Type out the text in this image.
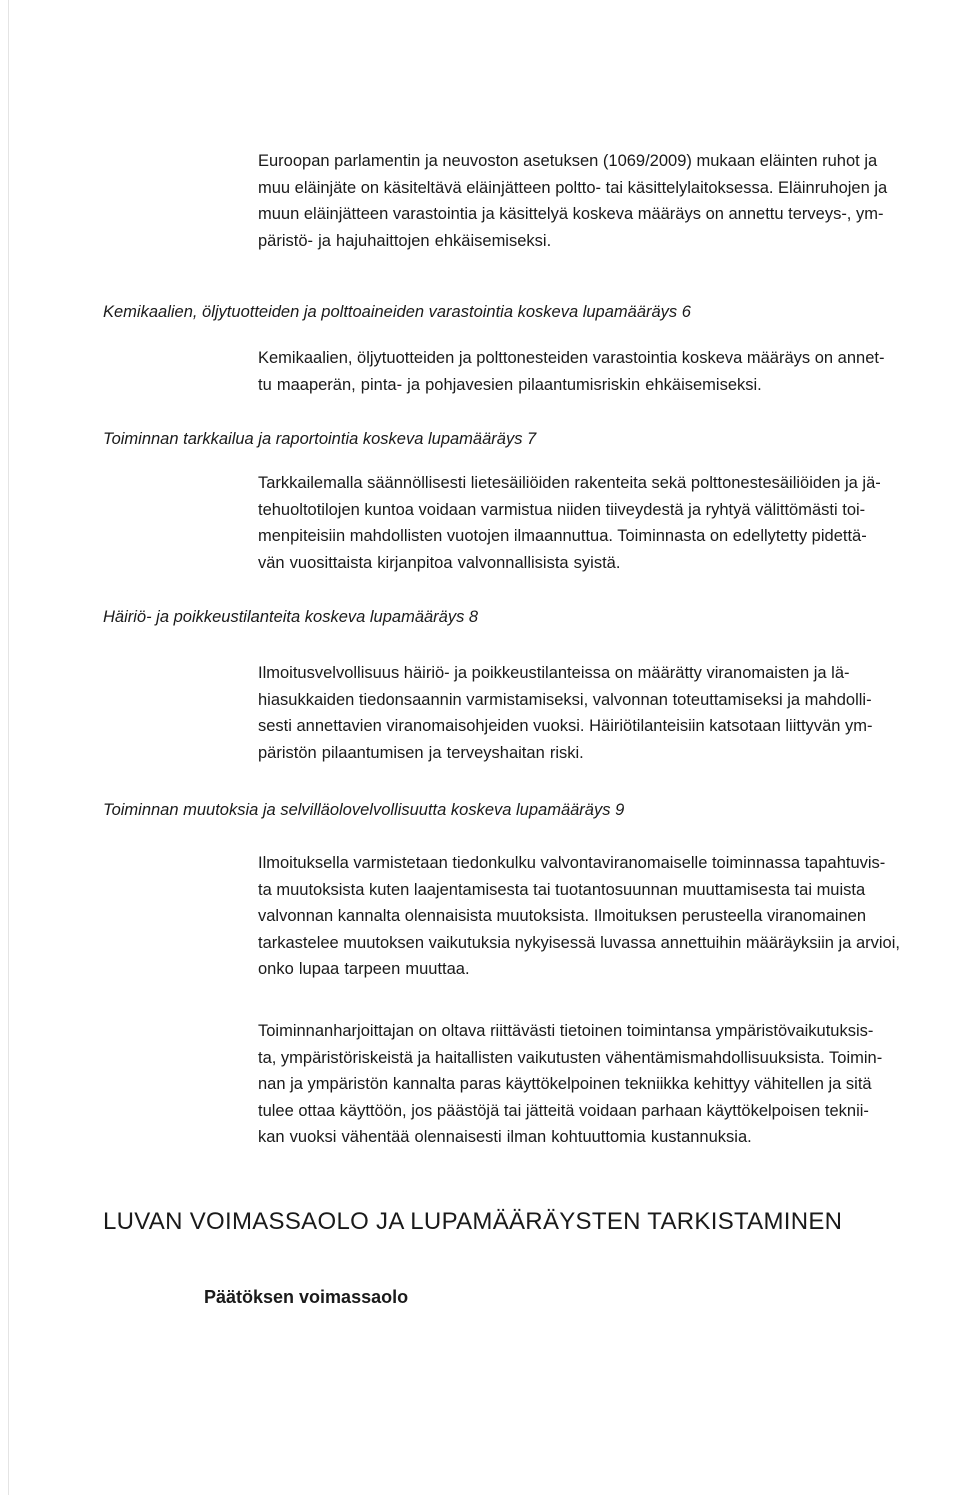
Euroopan parlamentin ja neuvoston asetuksen (1069/2009) mukaan eläinten ruhot ja
muu eläinjäte on käsiteltävä eläinjätteen poltto- tai käsittelylaitoksessa. Eläinruhojen ja
muun eläinjätteen varastointia ja käsittelyä koskeva määräys on annettu terveys-, ym-
päristö- ja hajuhaittojen ehkäisemiseksi.

Kemikaalien, öljytuotteiden ja polttoaineiden varastointia koskeva lupamääräys 6

Kemikaalien, öljytuotteiden ja polttonesteiden varastointia koskeva määräys on annet-
tu maaperän, pinta- ja pohjavesien pilaantumisriskin ehkäisemiseksi.

Toiminnan tarkkailua ja raportointia koskeva lupamääräys 7

Tarkkailemalla säännöllisesti lietesäiliöiden rakenteita sekä polttonestesäiliöiden ja jä-
tehuoltotilojen kuntoa voidaan varmistua niiden tiiveydestä ja ryhtyä välittömästi toi-
menpiteisiin mahdollisten vuotojen ilmaannuttua. Toiminnasta on edellytetty pidettä-
vän vuosittaista kirjanpitoa valvonnallisista syistä.

Häiriö- ja poikkeustilanteita koskeva lupamääräys 8

Ilmoitusvelvollisuus häiriö- ja poikkeustilanteissa on määrätty viranomaisten ja lä-
hiasukkaiden tiedonsaannin varmistamiseksi, valvonnan toteuttamiseksi ja mahdolli-
sesti annettavien viranomaisohjeiden vuoksi. Häiriötilanteisiin katsotaan liittyvän ym-
päristön pilaantumisen ja terveyshaitan riski.

Toiminnan muutoksia ja selvilläolovelvollisuutta koskeva lupamääräys 9

Ilmoituksella varmistetaan tiedonkulku valvontaviranomaiselle toiminnassa tapahtuvis-
ta muutoksista kuten laajentamisesta tai tuotantosuunnan muuttamisesta tai muista
valvonnan kannalta olennaisista muutoksista. Ilmoituksen perusteella viranomainen
tarkastelee muutoksen vaikutuksia nykyisessä luvassa annettuihin määräyksiin ja arvioi,
onko lupaa tarpeen muuttaa.
Toiminnanharjoittajan on oltava riittävästi tietoinen toimintansa ympäristövaikutuksis-
ta, ympäristöriskeistä ja haitallisten vaikutusten vähentämismahdollisuuksista. Toimin-
nan ja ympäristön kannalta paras käyttökelpoinen tekniikka kehittyy vähitellen ja sitä
tulee ottaa käyttöön, jos päästöjä tai jätteitä voidaan parhaan käyttökelpoisen teknii-
kan vuoksi vähentää olennaisesti ilman kohtuuttomia kustannuksia.
LUVAN VOIMASSAOLO JA LUPAMÄÄRÄYSTEN TARKISTAMINEN
Päätöksen voimassaolo
